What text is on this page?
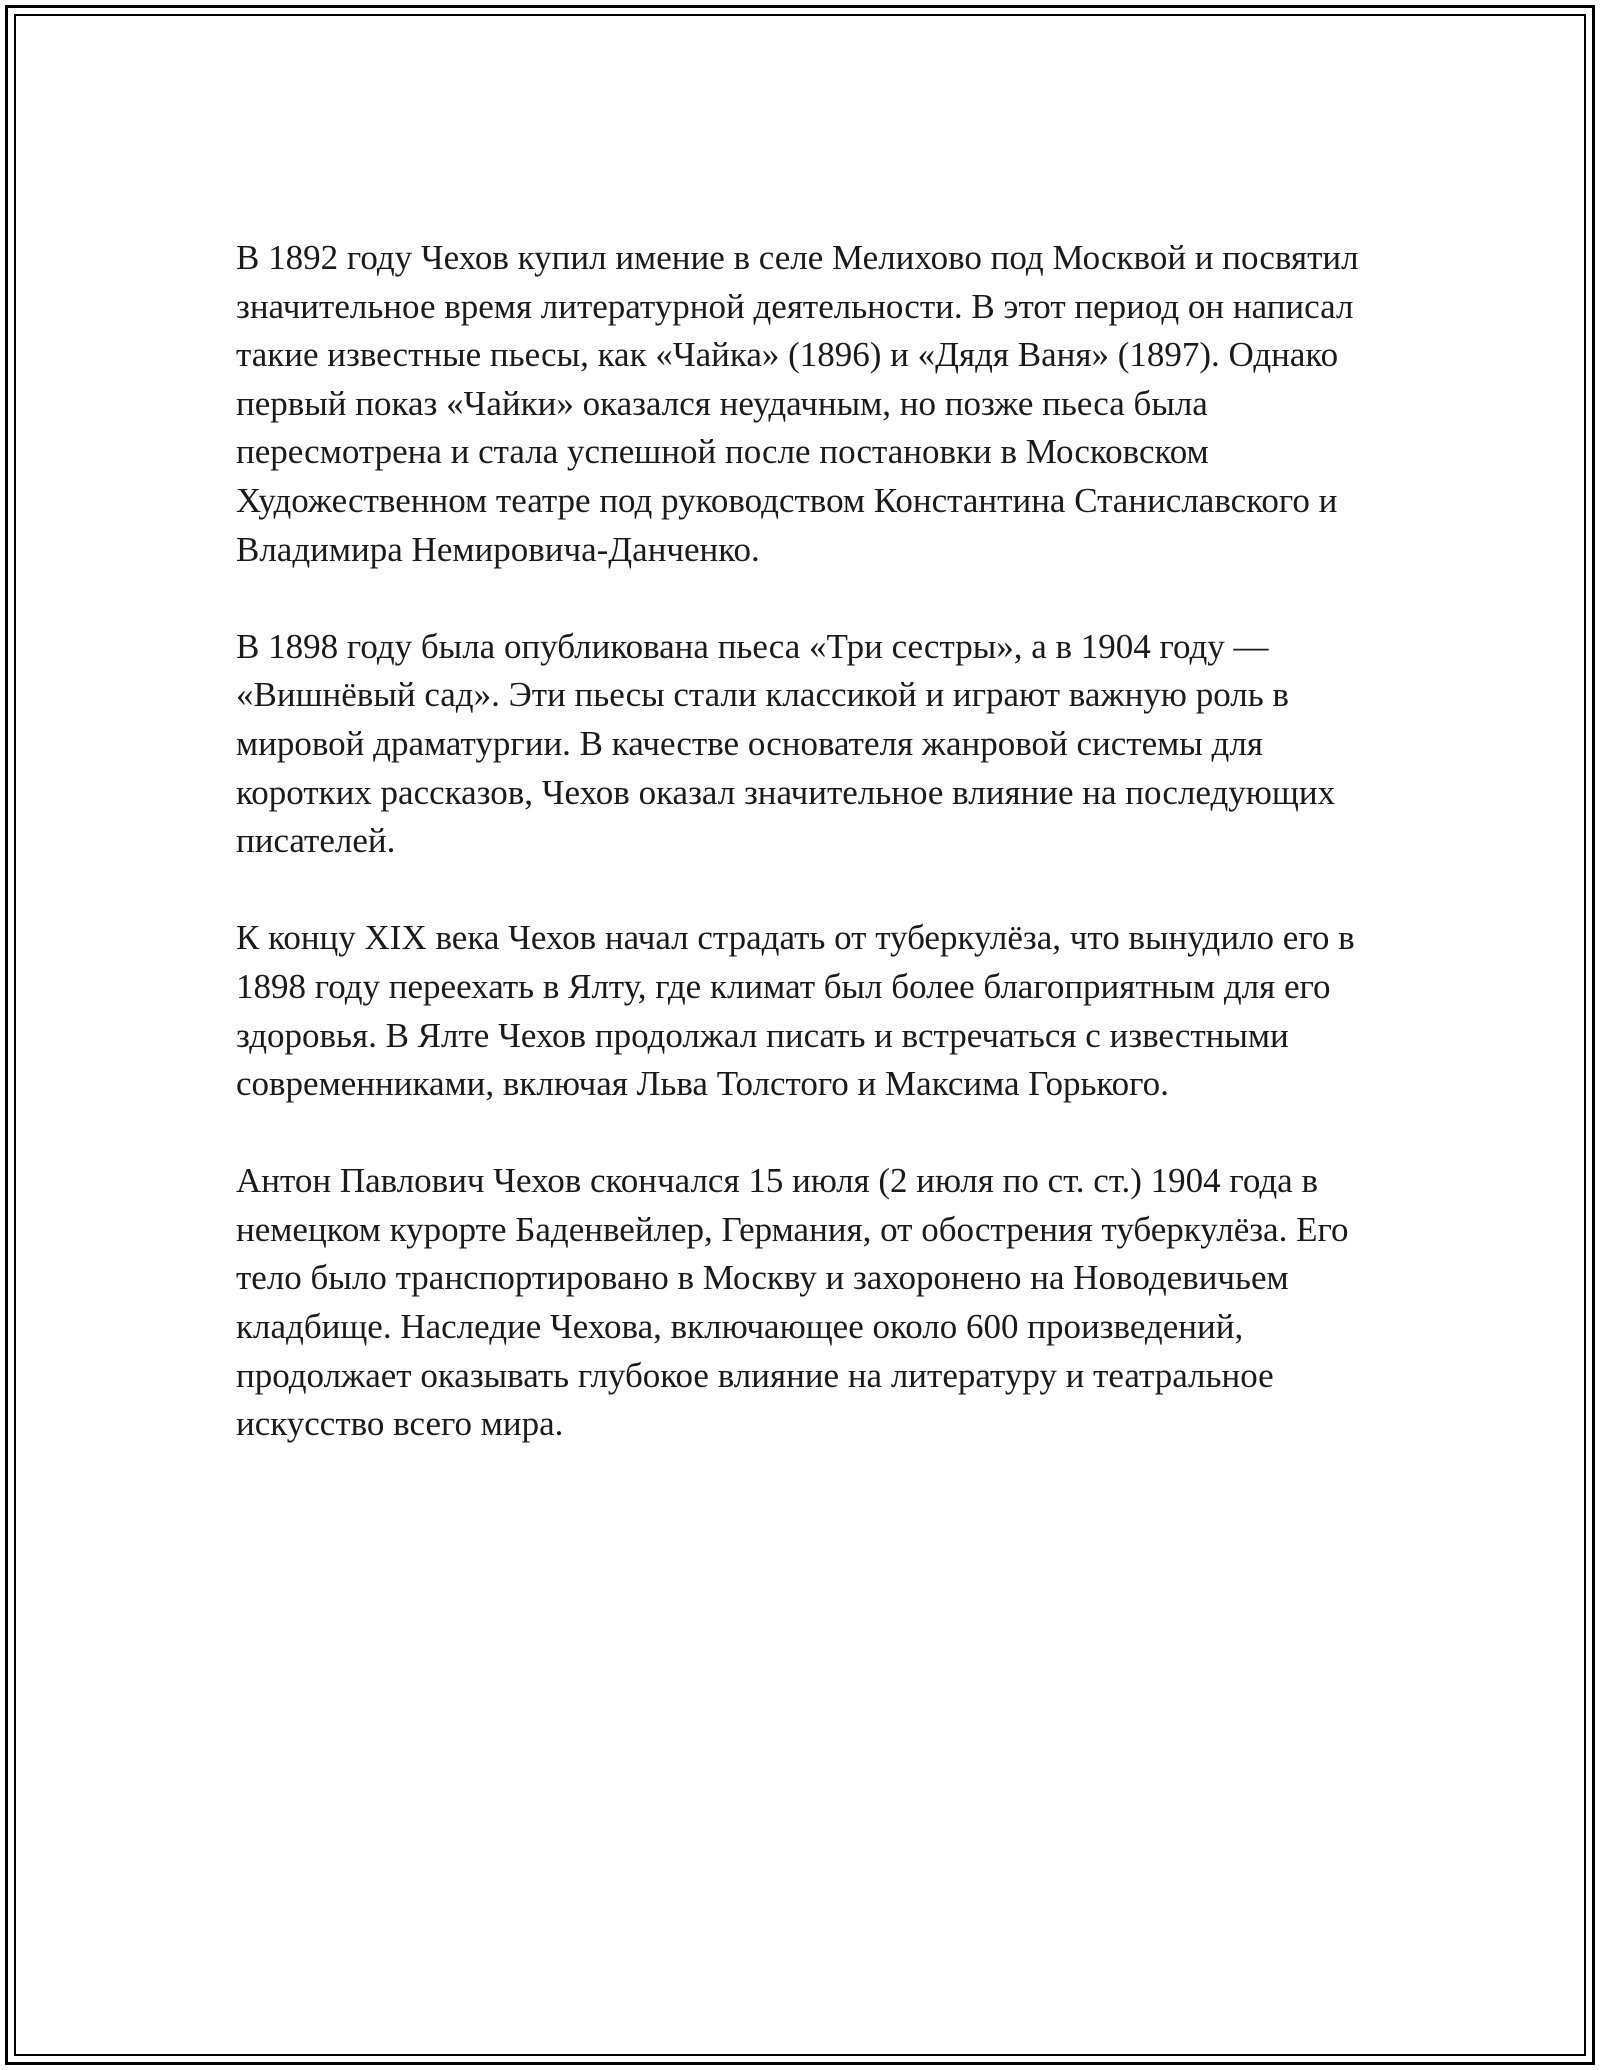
В 1892 году Чехов купил имение в селе Мелихово под Москвой и посвятил значительное время литературной деятельности. В этот период он написал такие известные пьесы, как «Чайка» (1896) и «Дядя Ваня» (1897). Однако первый показ «Чайки» оказался неудачным, но позже пьеса была пересмотрена и стала успешной после постановки в Московском Художественном театре под руководством Константина Станиславского и Владимира Немировича-Данченко.

В 1898 году была опубликована пьеса «Три сестры», а в 1904 году — «Вишнёвый сад». Эти пьесы стали классикой и играют важную роль в мировой драматургии. В качестве основателя жанровой системы для коротких рассказов, Чехов оказал значительное влияние на последующих писателей.

К концу XIX века Чехов начал страдать от туберкулёза, что вынудило его в 1898 году переехать в Ялту, где климат был более благоприятным для его здоровья. В Ялте Чехов продолжал писать и встречаться с известными современниками, включая Льва Толстого и Максима Горького.

Антон Павлович Чехов скончался 15 июля (2 июля по ст. ст.) 1904 года в немецком курорте Баденвейлер, Германия, от обострения туберкулёза. Его тело было транспортировано в Москву и захоронено на Новодевичьем кладбище. Наследие Чехова, включающее около 600 произведений, продолжает оказывать глубокое влияние на литературу и театральное искусство всего мира.
